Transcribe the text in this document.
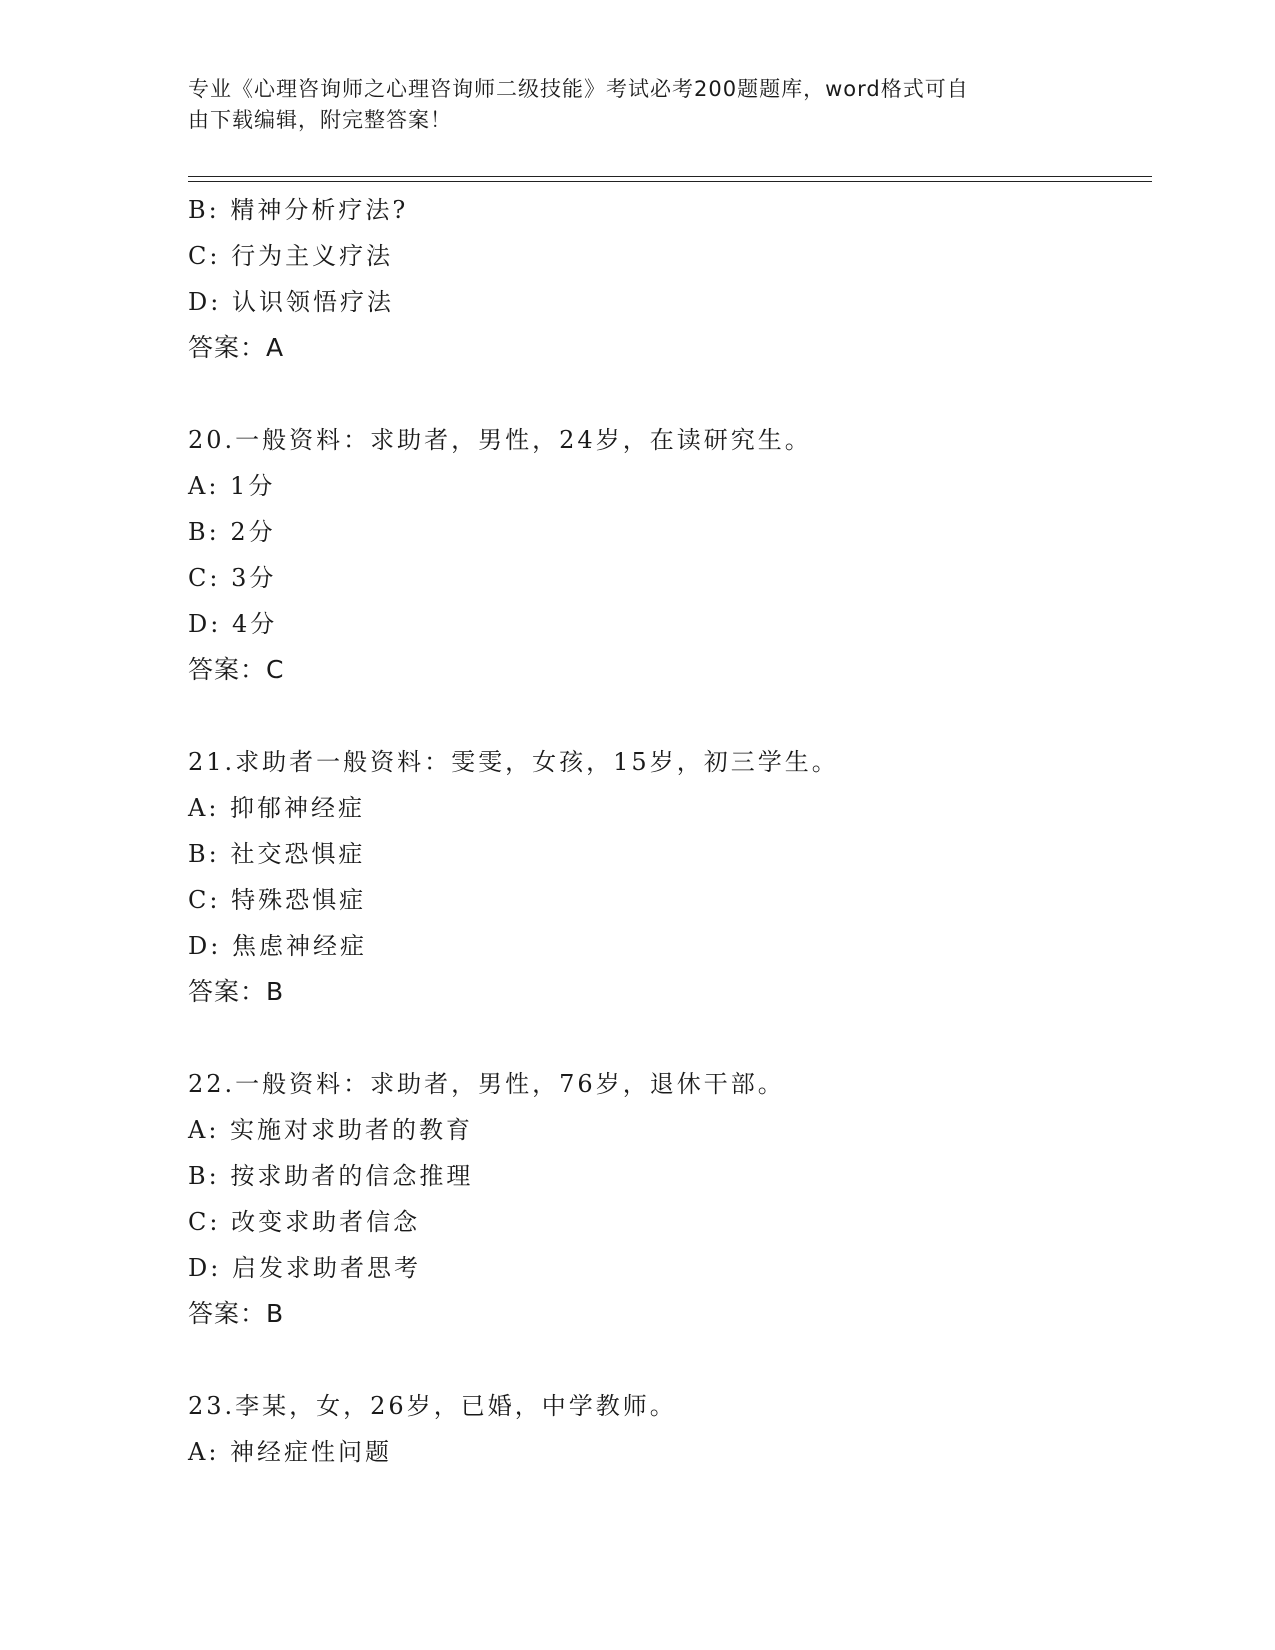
专业《心理咨询师之心理咨询师二级技能》考试必考200题题库，word格式可自
由下载编辑，附完整答案！
B: 精神分析疗法?
C: 行为主义疗法
D: 认识领悟疗法
答案：A
20.一般资料：求助者，男性，24岁，在读研究生。
A: 1分
B: 2分
C: 3分
D: 4分
答案：C
21.求助者一般资料：雯雯，女孩，15岁，初三学生。
A: 抑郁神经症
B: 社交恐惧症
C: 特殊恐惧症
D: 焦虑神经症
答案：B
22.一般资料：求助者，男性，76岁，退休干部。
A: 实施对求助者的教育
B: 按求助者的信念推理
C: 改变求助者信念
D: 启发求助者思考
答案：B
23.李某，女，26岁，已婚，中学教师。
A: 神经症性问题
